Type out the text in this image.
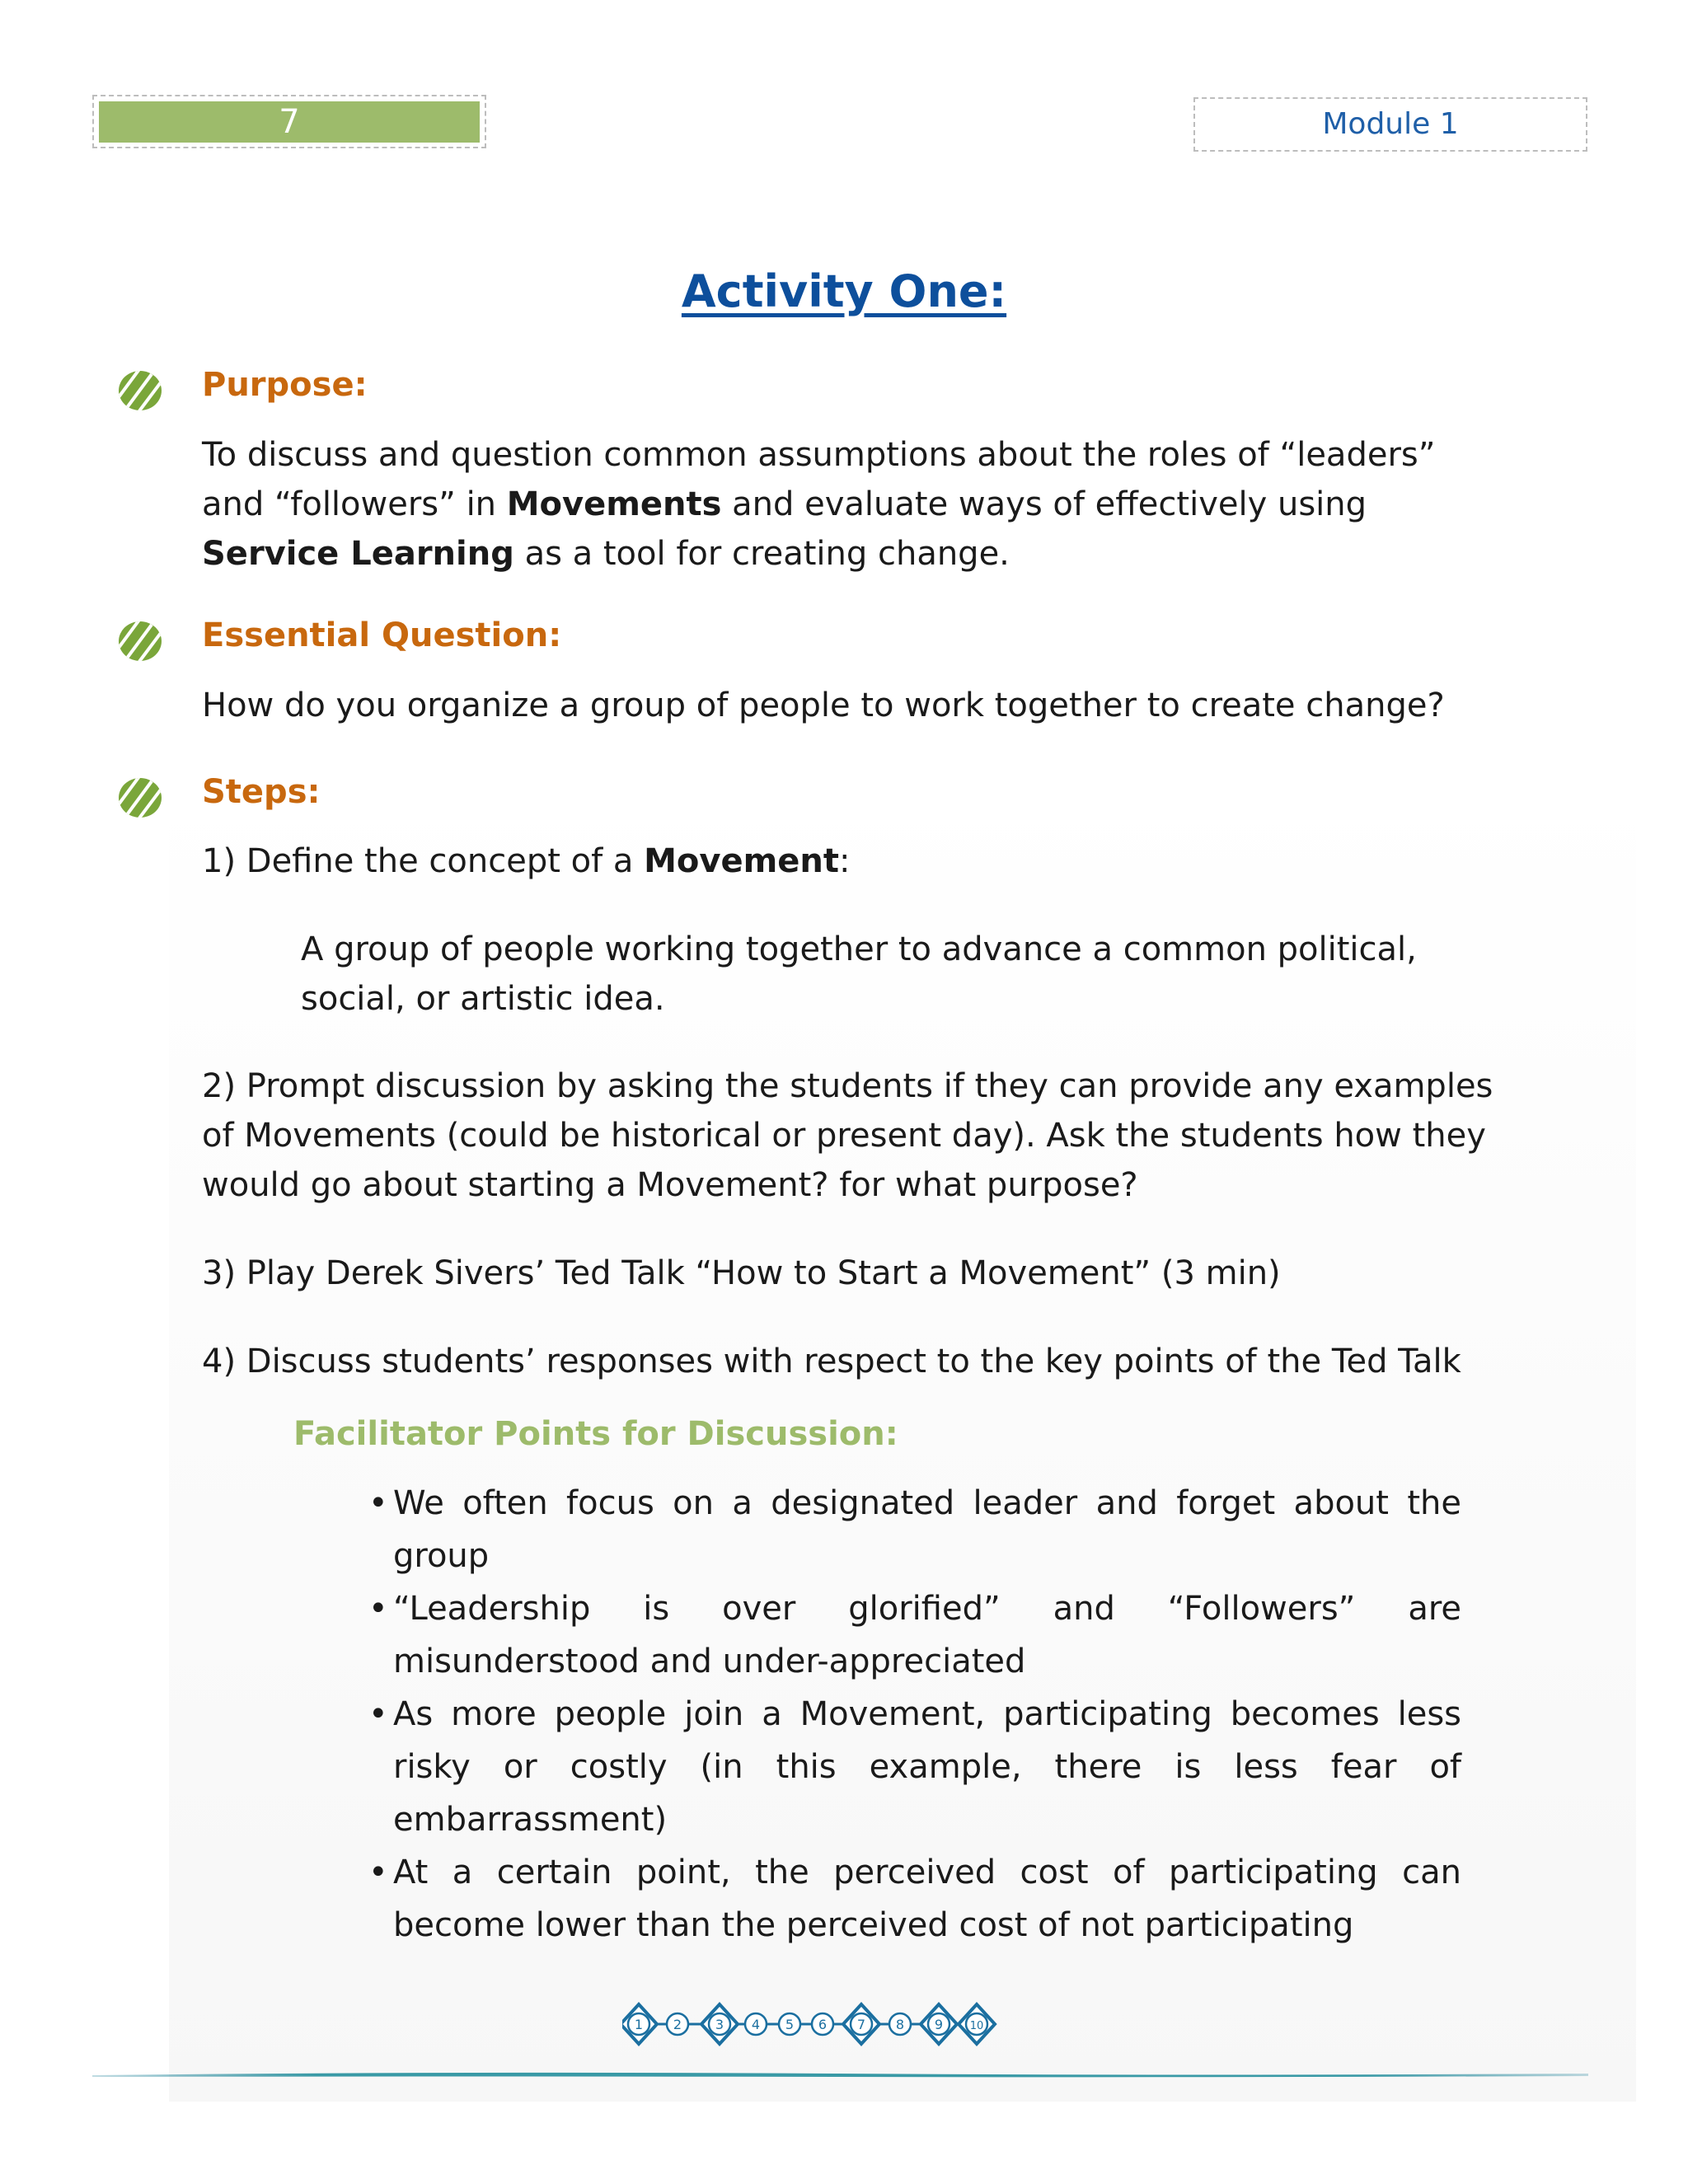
7	Module 1
Activity One:
Purpose:
To discuss and question common assumptions about the roles of “leaders” and “followers” in Movements and evaluate ways of effectively using Service Learning as a tool for creating change.
Essential Question:
How do you organize a group of people to work together to create change?
Steps:
1) Define the concept of a Movement:
A group of people working together to advance a common political, social, or artistic idea.
2) Prompt discussion by asking the students if they can provide any examples of Movements (could be historical or present day). Ask the students how they would go about starting a Movement? for what purpose?
3) Play Derek Sivers’ Ted Talk “How to Start a Movement” (3 min)
4) Discuss students’ responses with respect to the key points of the Ted Talk
Facilitator Points for Discussion:
• We often focus on a designated leader and forget about the group
• “Leadership is over glorified” and “Followers” are misunderstood and under-appreciated
• As more people join a Movement, participating becomes less risky or costly (in this example, there is less fear of embarrassment)
• At a certain point, the perceived cost of participating can become lower than the perceived cost of not participating
1 2	3 4 5 6 7 8 9	10
